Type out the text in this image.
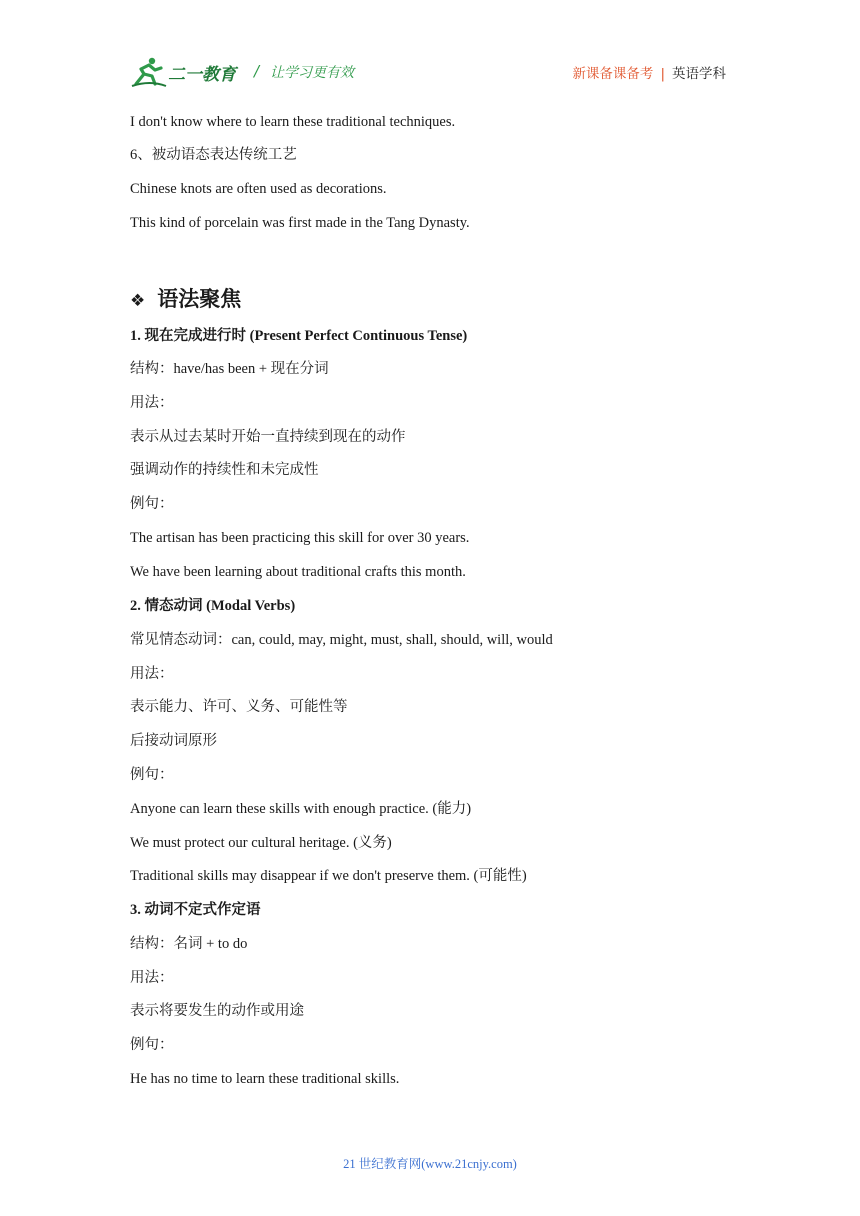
二一教育 / 让学习更有效	新课备课备考 | 英语学科
I don't know where to learn these traditional techniques.
6、被动语态表达传统工艺
Chinese knots are often used as decorations.
This kind of porcelain was first made in the Tang Dynasty.
❖ 语法聚焦
1. 现在完成进行时 (Present Perfect Continuous Tense)
结构：have/has been + 现在分词
用法：
表示从过去某时开始一直持续到现在的动作
强调动作的持续性和未完成性
例句：
The artisan has been practicing this skill for over 30 years.
We have been learning about traditional crafts this month.
2. 情态动词 (Modal Verbs)
常见情态动词：can, could, may, might, must, shall, should, will, would
用法：
表示能力、许可、义务、可能性等
后接动词原形
例句：
Anyone can learn these skills with enough practice. (能力)
We must protect our cultural heritage. (义务)
Traditional skills may disappear if we don't preserve them. (可能性)
3. 动词不定式作定语
结构：名词 + to do
用法：
表示将要发生的动作或用途
例句：
He has no time to learn these traditional skills.
21 世纪教育网(www.21cnjy.com)
